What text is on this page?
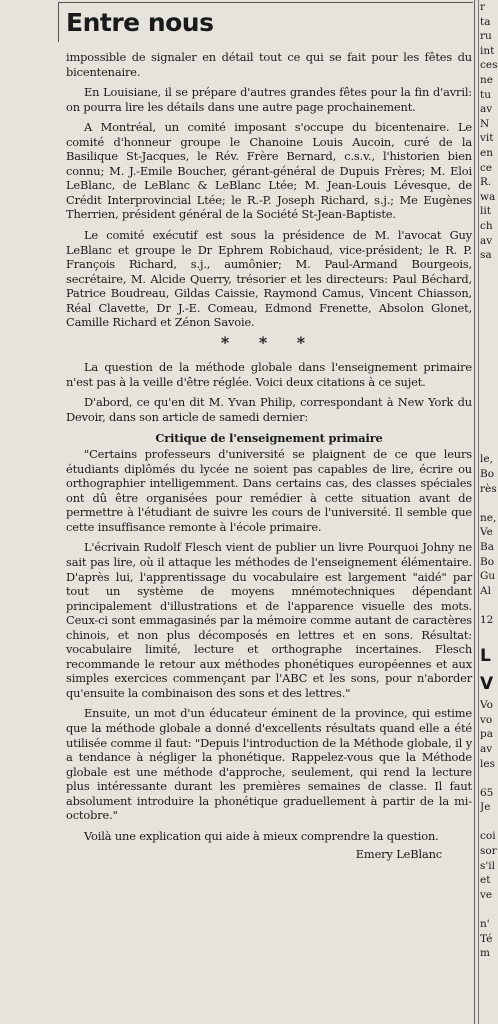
Entre nous

impossible de signaler en détail tout ce qui se fait pour les fêtes du bicentenaire.

En Louisiane, il se prépare d'autres grandes fêtes pour la fin d'avril: on pourra lire les détails dans une autre page prochainement.

A Montréal, un comité imposant s'occupe du bicentenaire. Le comité d'honneur groupe le Chanoine Louis Aucoin, curé de la Basilique St-Jacques, le Rév. Frère Bernard, c.s.v., l'historien bien connu; M. J.-Emile Boucher, gérant-général de Dupuis Frères; M. Eloi LeBlanc, de LeBlanc & LeBlanc Ltée; M. Jean-Louis Lévesque, de Crédit Interprovincial Ltée; le R.-P. Joseph Richard, s.j.; Me Eugènes Therrien, président général de la Société St-Jean-Baptiste.

Le comité exécutif est sous la présidence de M. l'avocat Guy LeBlanc et groupe le Dr Ephrem Robichaud, vice-président; le R. P. François Richard, s.j., aumônier; M. Paul-Armand Bourgeois, secrétaire, M. Alcide Querry, trésorier et les directeurs: Paul Béchard, Patrice Boudreau, Gildas Caissie, Raymond Camus, Vincent Chiasson, Réal Clavette, Dr J.-E. Comeau, Edmond Frenette, Absolon Glonet, Camille Richard et Zénon Savoie.

* * *

La question de la méthode globale dans l'enseignement primaire n'est pas à la veille d'être réglée. Voici deux citations à ce sujet.

D'abord, ce qu'en dit M. Yvan Philip, correspondant à New York du Devoir, dans son article de samedi dernier:

Critique de l'enseignement primaire

"Certains professeurs d'université se plaignent de ce que leurs étudiants diplômés du lycée ne soient pas capables de lire, écrire ou orthographier intelligemment. Dans certains cas, des classes spéciales ont dû être organisées pour remédier à cette situation avant de permettre à l'étudiant de suivre les cours de l'université. Il semble que cette insuffisance remonte à l'école primaire.

L'écrivain Rudolf Flesch vient de publier un livre Pourquoi Johny ne sait pas lire, où il attaque les méthodes de l'enseignement élémentaire. D'après lui, l'apprentissage du vocabulaire est largement "aidé" par tout un système de moyens mnémotechniques dépendant principalement d'illustrations et de l'apparence visuelle des mots. Ceux-ci sont emmagasinés par la mémoire comme autant de caractères chinois, et non plus décomposés en lettres et en sons. Résultat: vocabulaire limité, lecture et orthographe incertaines. Flesch recommande le retour aux méthodes phonétiques européennes et aux simples exercices commençant par l'ABC et les sons, pour n'aborder qu'ensuite la combinaison des sons et des lettres."

Ensuite, un mot d'un éducateur éminent de la province, qui estime que la méthode globale a donné d'excellents résultats quand elle a été utilisée comme il faut: "Depuis l'introduction de la Méthode globale, il y a tendance à négliger la phonétique. Rappelez-vous que la Méthode globale est une méthode d'approche, seulement, qui rend la lecture plus intéressante durant les premières semaines de classe. Il faut absolument introduire la phonétique graduellement à partir de la mi-octobre."

Voilà une explication qui aide à mieux comprendre la question.

Emery LeBlanc
r
ta
ru
int
ces
ne
tu
av
N
vit
en
ce
R.
wa
lit
ch
av
sa
le,
Bo
rès
ne,
Ve
Ba
Bo
Gu
Al
12
L
V
Vo
vo
pa
av
les
65
Je
coi
sor
s'il
et
ve
n'
Té
m
